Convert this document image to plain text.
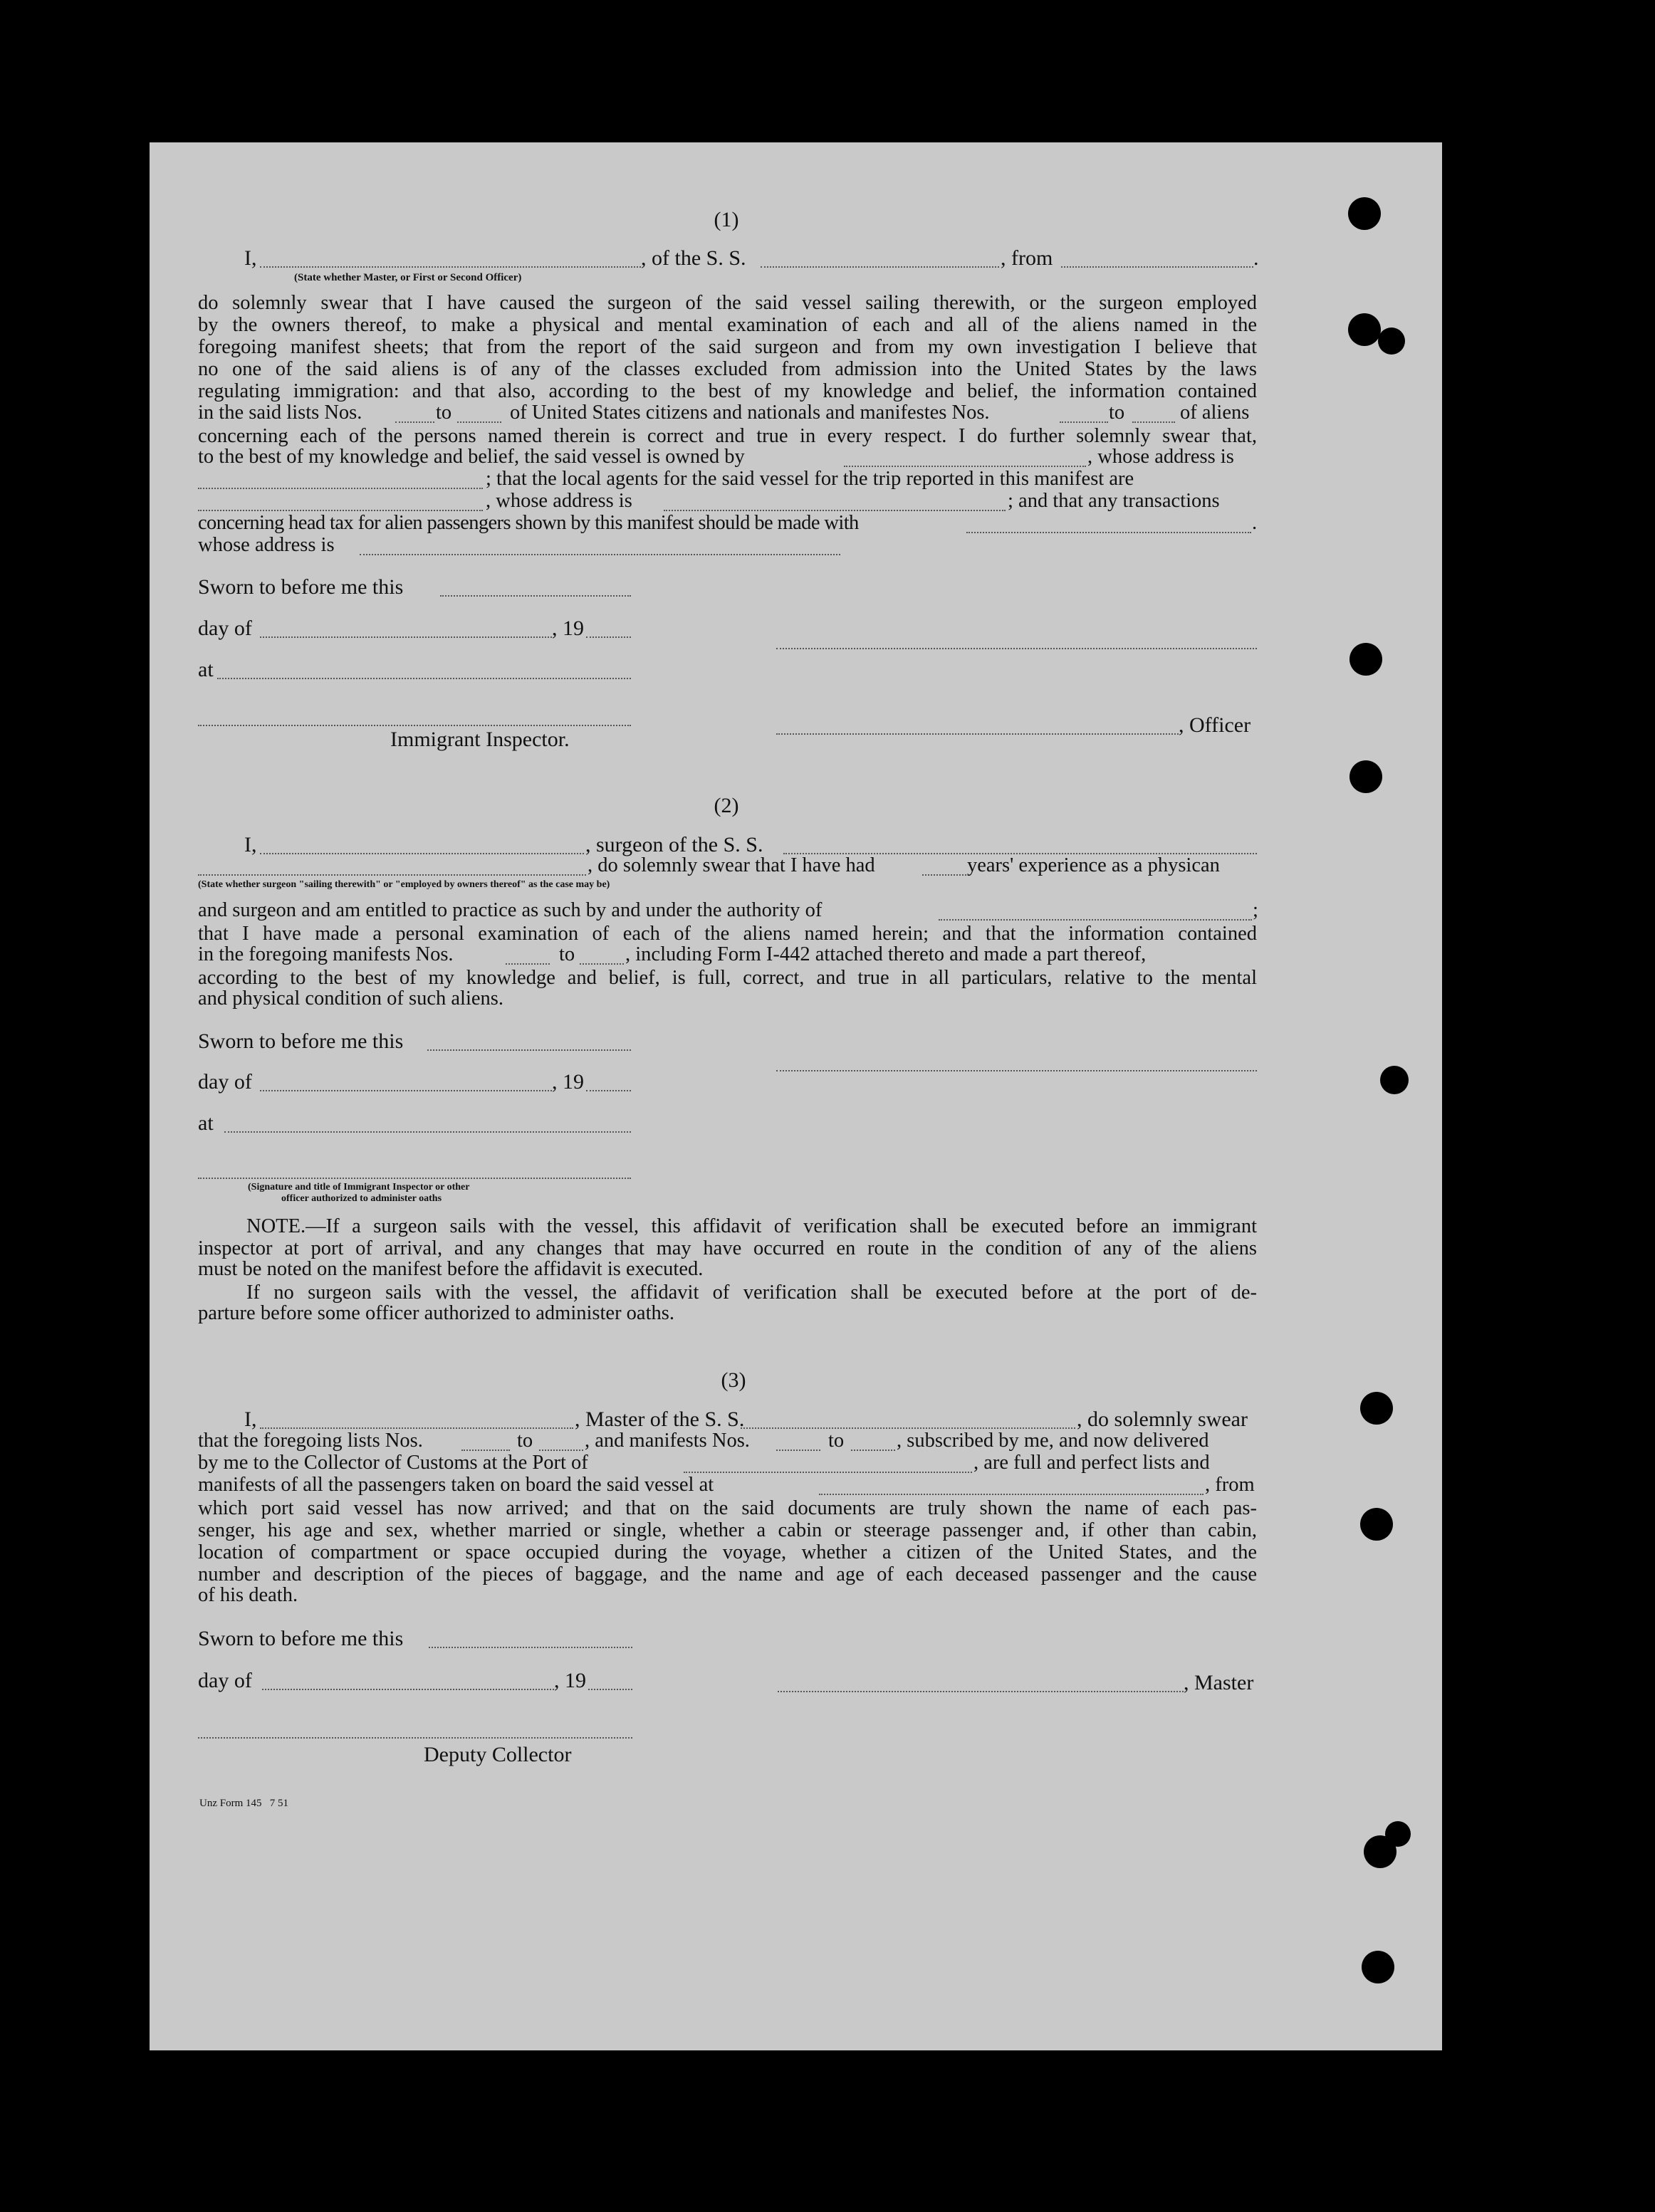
(1)
I,	, of the S. S.	, from	.
(State whether Master, or First or Second Officer)
do solemnly swear that I have caused the surgeon of the said vessel sailing therewith, or the surgeon employed
by the owners thereof, to make a physical and mental examination of each and all of the aliens named in the
foregoing manifest sheets; that from the report of the said surgeon and from my own investigation I believe that
no one of the said aliens is of any of the classes excluded from admission into the United States by the laws
regulating immigration: and that also, according to the best of my knowledge and belief, the information contained
in the said lists Nos.	to	of United States citizens and nationals and manifestes Nos.	to	of aliens
concerning each of the persons named therein is correct and true in every respect. I do further solemnly swear that,
to the best of my knowledge and belief, the said vessel is owned by	, whose address is
; that the local agents for the said vessel for the trip reported in this manifest are
, whose address is	; and that any transactions
concerning head tax for alien passengers shown by this manifest should be made with	.
whose address is
Sworn to before me this
day of	, 19
at
, Officer
Immigrant Inspector.
(2)
I,	, surgeon of the S. S.
, do solemnly swear that I have had	years' experience as a physican
(State whether surgeon "sailing therewith" or "employed by owners thereof" as the case may be)
and surgeon and am entitled to practice as such by and under the authority of	;
that I have made a personal examination of each of the aliens named herein; and that the information contained
in the foregoing manifests Nos.	to , including Form I-442 attached thereto and made a part thereof,
according to the best of my knowledge and belief, is full, correct, and true in all particulars, relative to the mental
and physical condition of such aliens.
Sworn to before me this
day of	, 19
at
(Signature and title of Immigrant Inspector or other
officer authorized to administer oaths
NOTE.—If a surgeon sails with the vessel, this affidavit of verification shall be executed before an immigrant
inspector at port of arrival, and any changes that may have occurred en route in the condition of any of the aliens
must be noted on the manifest before the affidavit is executed.
If no surgeon sails with the vessel, the affidavit of verification shall be executed before at the port of de-
parture before some officer authorized to administer oaths.
(3)
I,	, Master of the S. S.	, do solemnly swear
that the foregoing lists Nos.	to	, and manifests Nos.	to	, subscribed by me, and now delivered
by me to the Collector of Customs at the Port of	, are full and perfect lists and
manifests of all the passengers taken on board the said vessel at	, from
which port said vessel has now arrived; and that on the said documents are truly shown the name of each pas-
senger, his age and sex, whether married or single, whether a cabin or steerage passenger and, if other than cabin,
location of compartment or space occupied during the voyage, whether a citizen of the United States, and the
number and description of the pieces of baggage, and the name and age of each deceased passenger and the cause
of his death.
Sworn to before me this
day of	, 19	, Master
Deputy Collector
Unz Form 145   7 51
